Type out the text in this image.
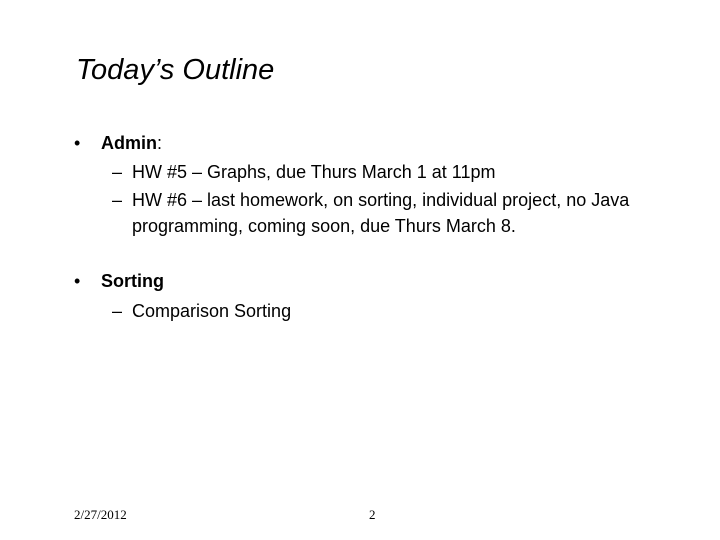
Today’s Outline
• Admin:
– HW #5 – Graphs, due Thurs March 1 at 11pm
– HW #6 – last homework, on sorting, individual project, no Java programming, coming soon, due Thurs March 8.
• Sorting
– Comparison Sorting
2/27/2012	2
